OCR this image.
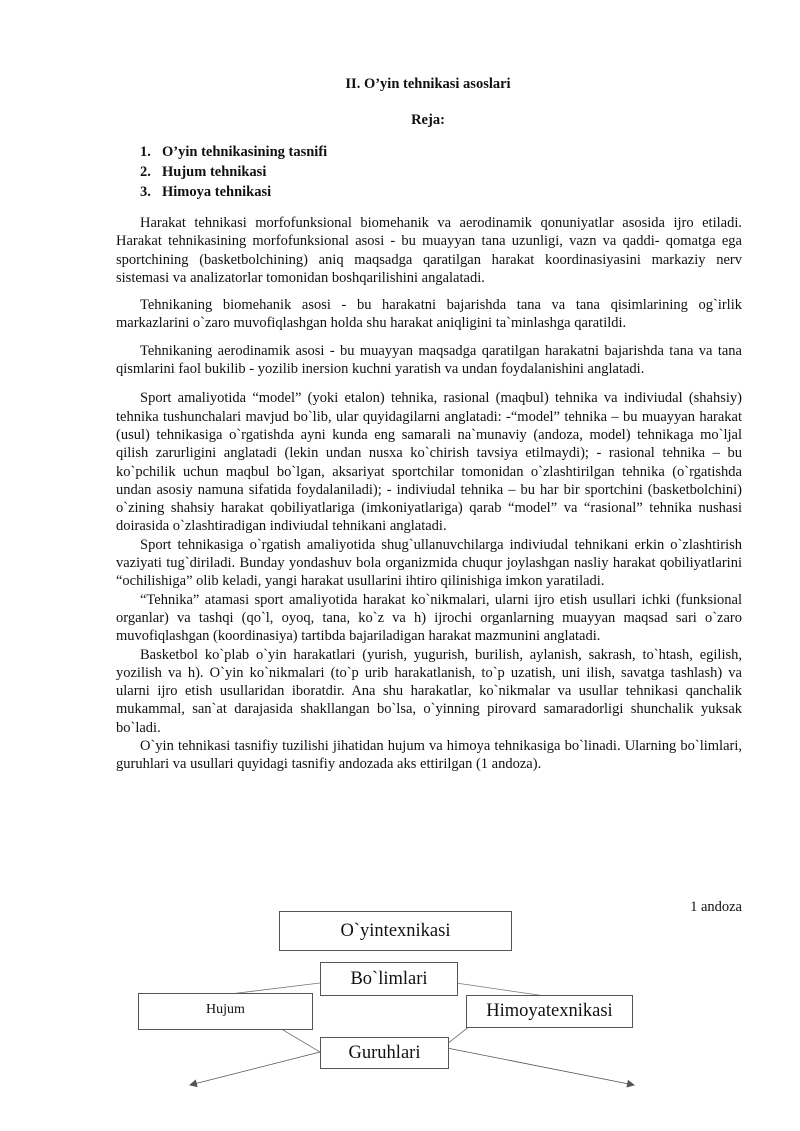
II. O’yin tehnikasi asoslari
Reja:
1. O’yin tehnikasining tasnifi
2. Hujum tehnikasi
3. Himoya tehnikasi

Harakat tehnikasi morfofunksional biomehanik va aerodinamik qonuniyatlar asosida ijro etiladi. Harakat tehnikasining morfofunksional asosi - bu muayyan tana uzunligi, vazn va qaddi- qomatga ega sportchining (basketbolchining) aniq maqsadga qaratilgan harakat koordinasiyasini markaziy nerv sistemasi va analizatorlar tomonidan boshqarilishini angalatadi.

Tehnikaning biomehanik asosi - bu harakatni bajarishda tana va tana qisimlarining og`irlik markazlarini o`zaro muvofiqlashgan holda shu harakat aniqligini ta`minlashga qaratildi.

Tehnikaning aerodinamik asosi - bu muayyan maqsadga qaratilgan harakatni bajarishda tana va tana qismlarini faol bukilib - yozilib inersion kuchni yaratish va undan foydalanishini anglatadi.

Sport amaliyotida “model” (yoki etalon) tehnika, rasional (maqbul) tehnika va indiviudal (shahsiy) tehnika tushunchalari mavjud bo`lib, ular quyidagilarni anglatadi: -“model” tehnika – bu muayyan harakat (usul) tehnikasiga o`rgatishda ayni kunda eng samarali na`munaviy (andoza, model) tehnikaga mo`ljal qilish zarurligini anglatadi (lekin undan nusxa ko`chirish tavsiya etilmaydi); - rasional tehnika – bu ko`pchilik uchun maqbul bo`lgan, aksariyat sportchilar tomonidan o`zlashtirilgan tehnika (o`rgatishda undan asosiy namuna sifatida foydalaniladi); - indiviudal tehnika – bu har bir sportchini (basketbolchini) o`zining shahsiy harakat qobiliyatlariga (imkoniyatlariga) qarab “model” va “rasional” tehnika nushasi doirasida o`zlashtiradigan indiviudal tehnikani anglatadi.

Sport tehnikasiga o`rgatish amaliyotida shug`ullanuvchilarga indiviudal tehnikani erkin o`zlashtirish vaziyati tug`diriladi. Bunday yondashuv bola organizmida chuqur joylashgan nasliy harakat qobiliyatlarini “ochilishiga” olib keladi, yangi harakat usullarini ihtiro qilinishiga imkon yaratiladi.

“Tehnika” atamasi sport amaliyotida harakat ko`nikmalari, ularni ijro etish usullari ichki (funksional organlar) va tashqi (qo`l, oyoq, tana, ko`z va h) ijrochi organlarning muayyan maqsad sari o`zaro muvofiqlashgan (koordinasiya) tartibda bajariladigan harakat mazmunini anglatadi.

Basketbol ko`plab o`yin harakatlari (yurish, yugurish, burilish, aylanish, sakrash, to`htash, egilish, yozilish va h). O`yin ko`nikmalari (to`p urib harakatlanish, to`p uzatish, uni ilish, savatga tashlash) va ularni ijro etish usullaridan iboratdir. Ana shu harakatlar, ko`nikmalar va usullar tehnikasi qanchalik mukammal, san`at darajasida shakllangan bo`lsa, o`yinning pirovard samaradorligi shunchalik yuksak bo`ladi.

O`yin tehnikasi tasnifiy tuzilishi jihatidan hujum va himoya tehnikasiga bo`linadi. Ularning bo`limlari, guruhlari va usullari quyidagi tasnifiy andozada aks ettirilgan (1 andoza).

1 andoza
O`yintexnikasi
Bo`limlari
Hujum	Himoyatexnikasi
Guruhlari
